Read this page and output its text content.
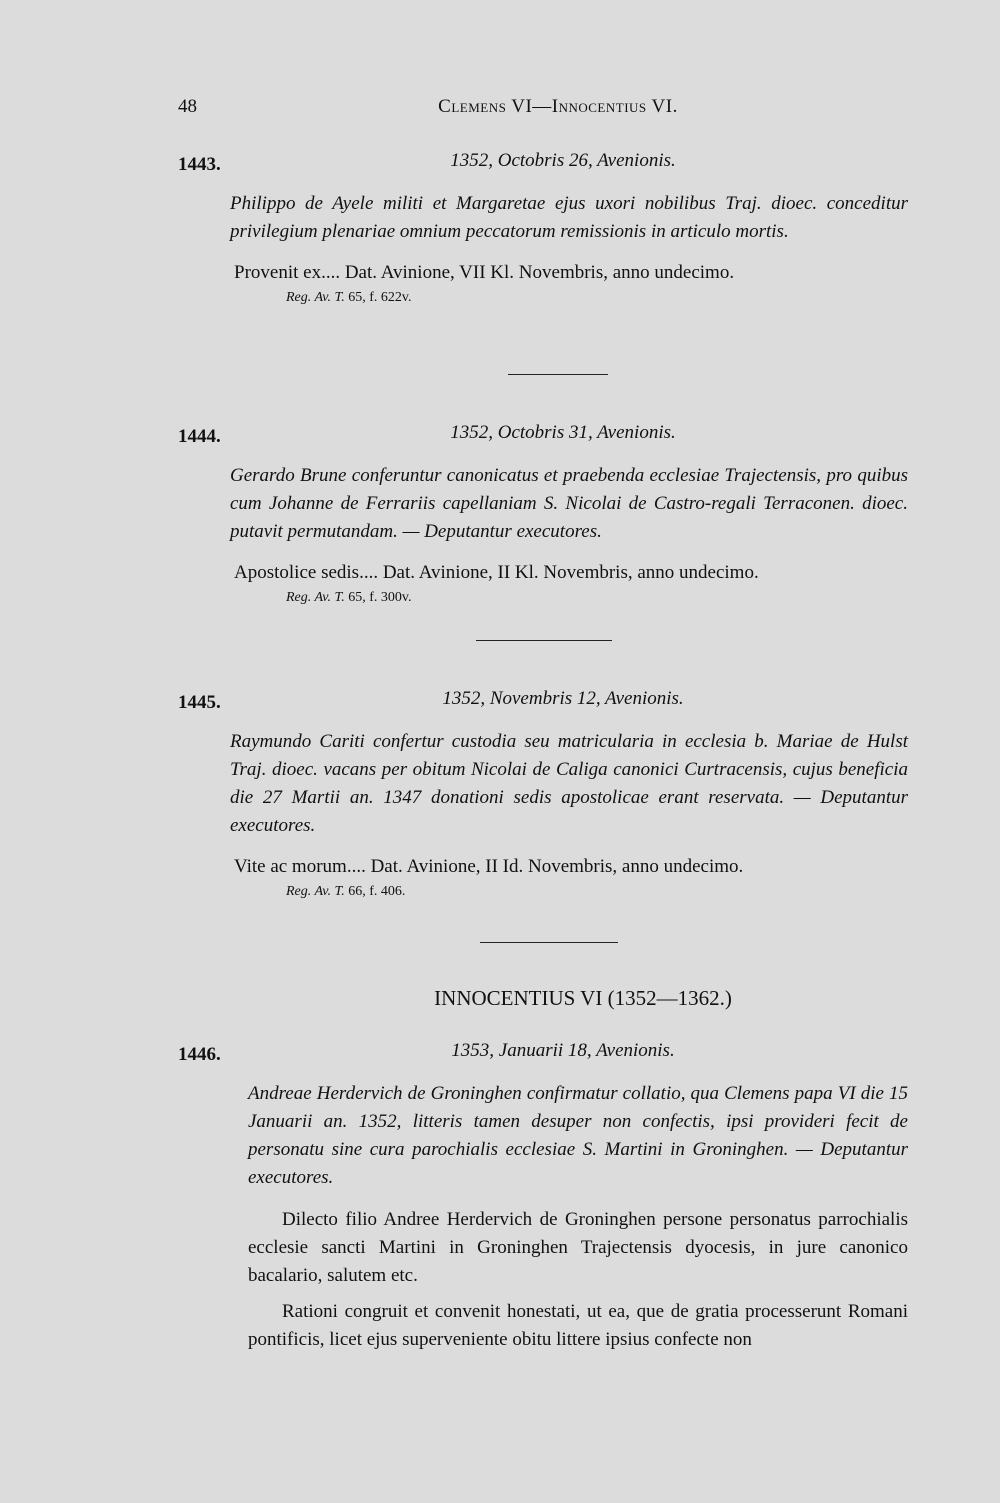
48	Clemens VI—Innocentius VI.
1443.	1352, Octobris 26, Avenionis.
Philippo de Ayele militi et Margaretae ejus uxori nobilibus Traj. dioec. conceditur privilegium plenariae omnium peccatorum remissionis in articulo mortis.
Provenit ex.... Dat. Avinione, VII Kl. Novembris, anno undecimo.
Reg. Av. T. 65, f. 622v.
1444.	1352, Octobris 31, Avenionis.
Gerardo Brune conferuntur canonicatus et praebenda ecclesiae Trajectensis, pro quibus cum Johanne de Ferrariis capellaniam S. Nicolai de Castro-regali Terraconen. dioec. putavit permutandam. — Deputantur executores.
Apostolice sedis.... Dat. Avinione, II Kl. Novembris, anno undecimo.
Reg. Av. T. 65, f. 300v.
1445.	1352, Novembris 12, Avenionis.
Raymundo Cariti confertur custodia seu matricularia in ecclesia b. Mariae de Hulst Traj. dioec. vacans per obitum Nicolai de Caliga canonici Curtracensis, cujus beneficia die 27 Martii an. 1347 donationi sedis apostolicae erant reservata. — Deputantur executores.
Vite ac morum.... Dat. Avinione, II Id. Novembris, anno undecimo.
Reg. Av. T. 66, f. 406.
INNOCENTIUS VI (1352—1362.)
1446.	1353, Januarii 18, Avenionis.
Andreae Herdervich de Groninghen confirmatur collatio, qua Clemens papa VI die 15 Januarii an. 1352, litteris tamen desuper non confectis, ipsi provideri fecit de personatu sine cura parochialis ecclesiae S. Martini in Groninghen. — Deputantur executores.
Dilecto filio Andree Herdervich de Groninghen persone personatus parrochialis ecclesie sancti Martini in Groninghen Trajectensis dyocesis, in jure canonico bacalario, salutem etc.
Rationi congruit et convenit honestati, ut ea, que de gratia processerunt Romani pontificis, licet ejus superveniente obitu littere ipsius confecte non
